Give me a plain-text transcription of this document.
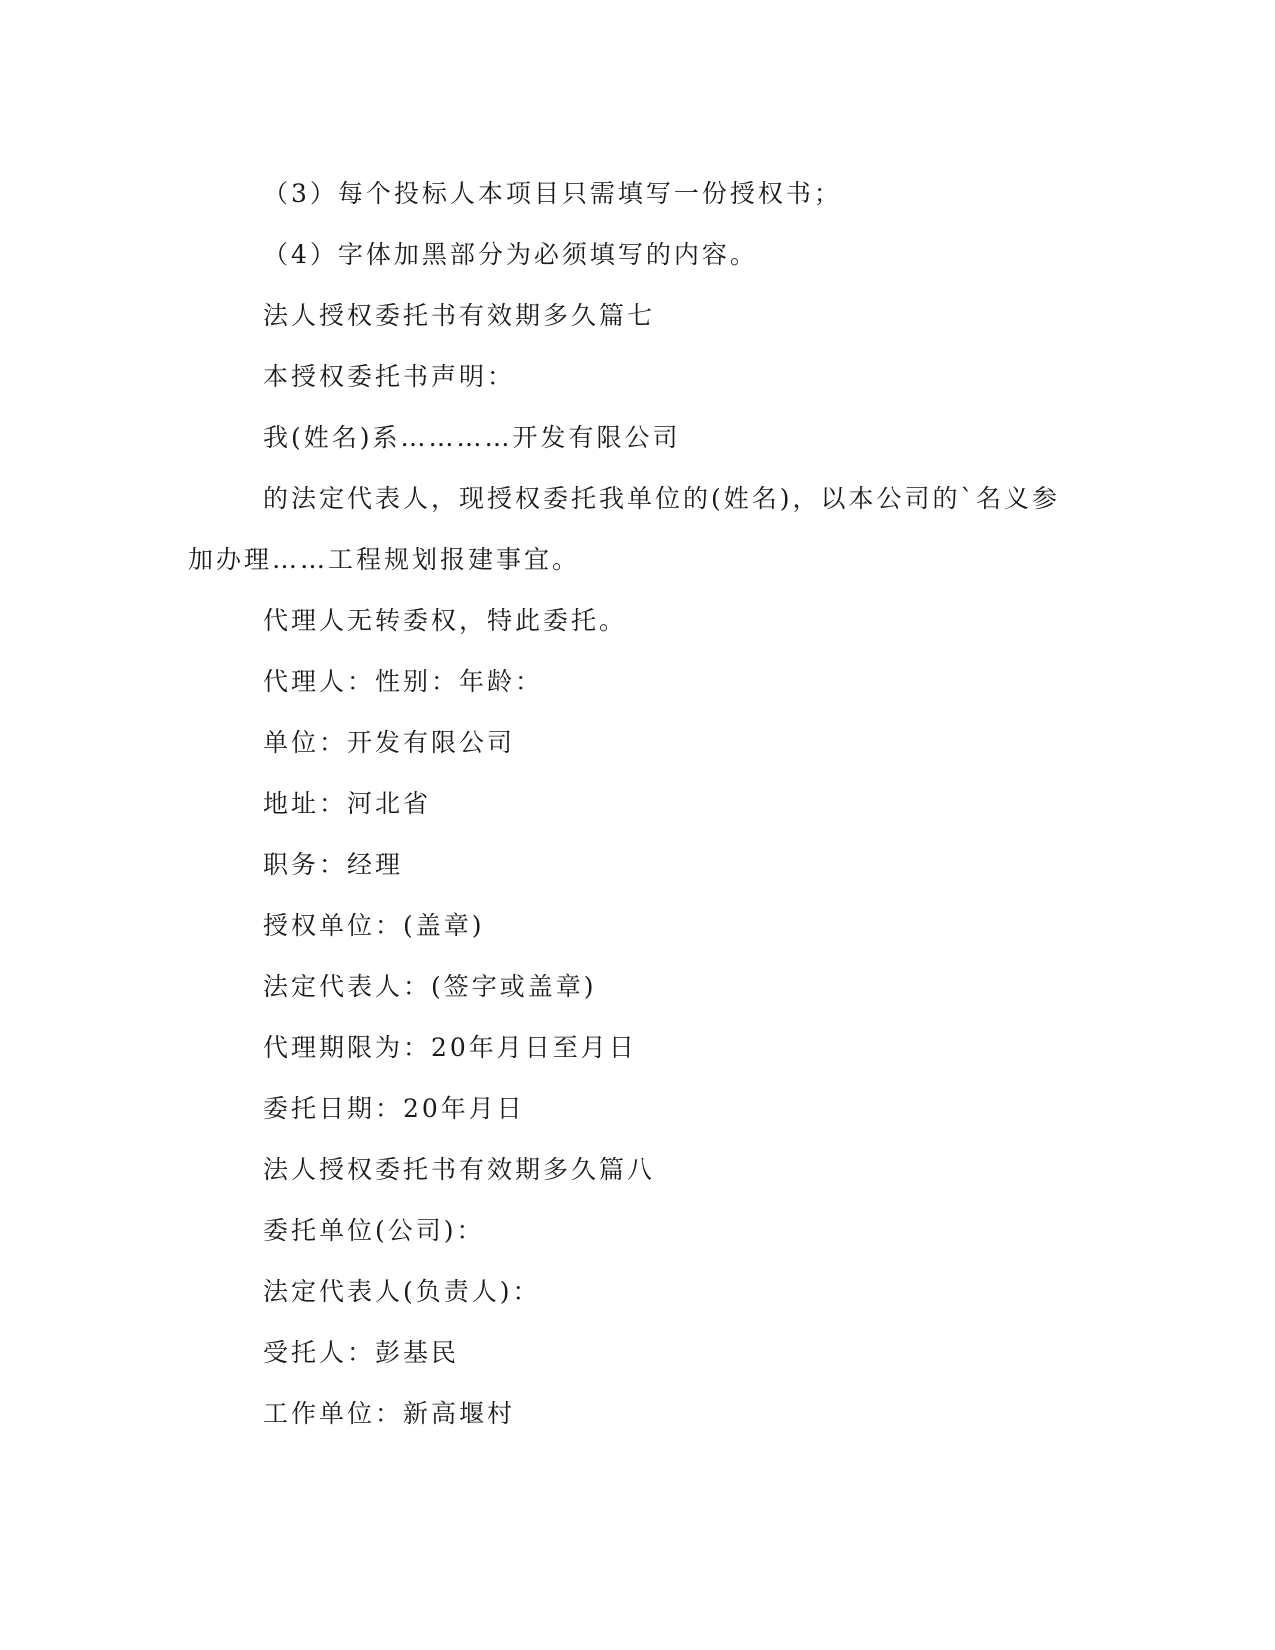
（3）每个投标人本项目只需填写一份授权书；
（4）字体加黑部分为必须填写的内容。
法人授权委托书有效期多久篇七
本授权委托书声明：
我(姓名)系…………开发有限公司
的法定代表人，现授权委托我单位的(姓名)，以本公司的`名义参
加办理……工程规划报建事宜。
代理人无转委权，特此委托。
代理人：性别：年龄：
单位：开发有限公司
地址：河北省
职务：经理
授权单位：(盖章)
法定代表人：(签字或盖章)
代理期限为：20年月日至月日
委托日期：20年月日
法人授权委托书有效期多久篇八
委托单位(公司)：
法定代表人(负责人)：
受托人：彭基民
工作单位：新高堰村
